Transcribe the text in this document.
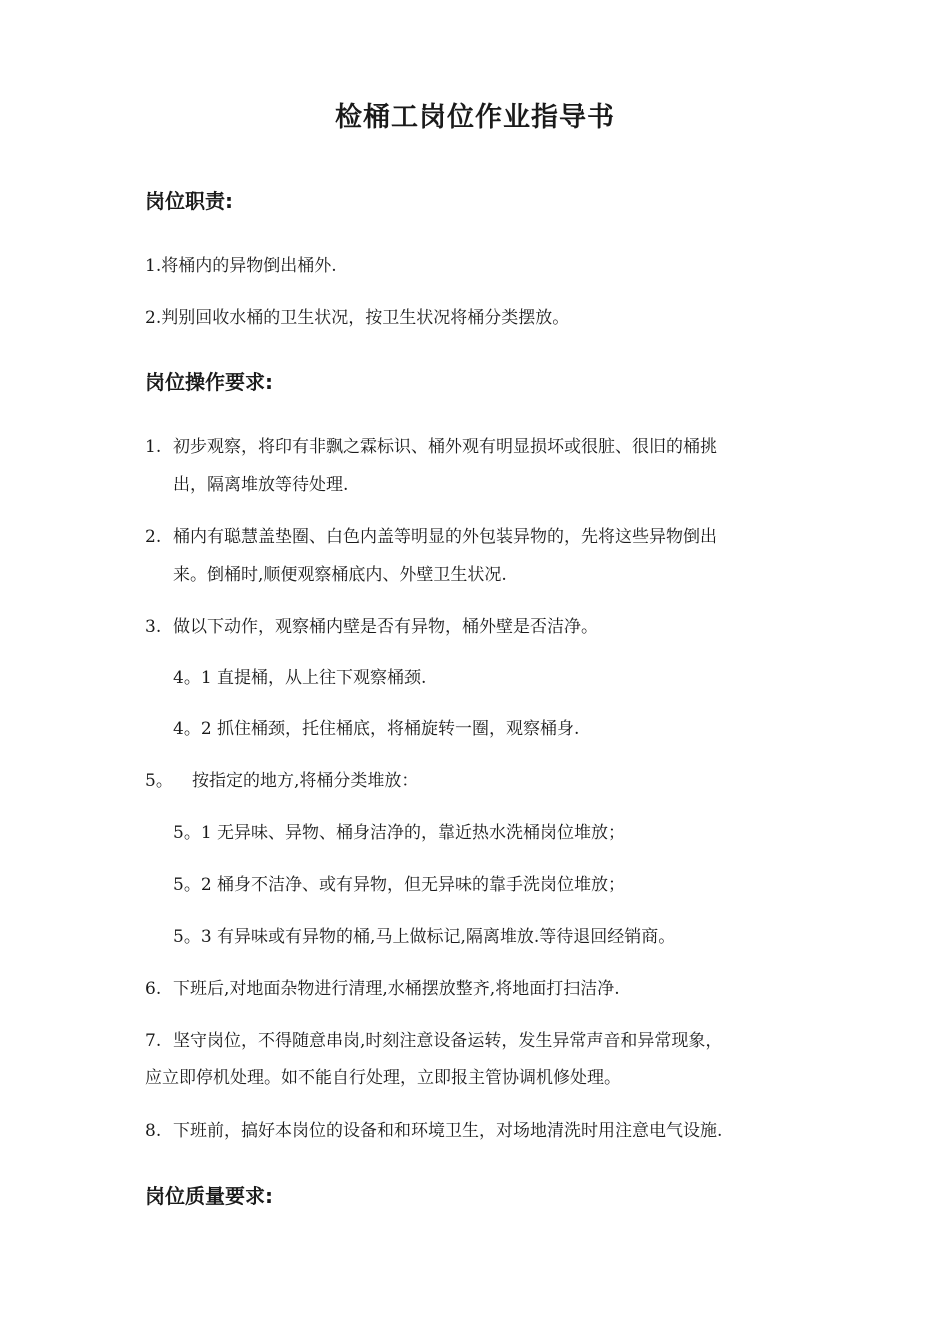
检桶工岗位作业指导书
岗位职责:
1.将桶内的异物倒出桶外.
2.判别回收水桶的卫生状况，按卫生状况将桶分类摆放。
岗位操作要求:
1. 初步观察，将印有非飘之霖标识、桶外观有明显损坏或很脏、很旧的桶挑
出，隔离堆放等待处理.
2. 桶内有聪慧盖垫圈、白色内盖等明显的外包装异物的，先将这些异物倒出
来。倒桶时,顺便观察桶底内、外壁卫生状况.
3. 做以下动作，观察桶内壁是否有异物，桶外壁是否洁净。
4。1 直提桶，从上往下观察桶颈.
4。2 抓住桶颈，托住桶底，将桶旋转一圈，观察桶身.
5。 按指定的地方,将桶分类堆放：
5。1 无异味、异物、桶身洁净的，靠近热水洗桶岗位堆放；
5。2 桶身不洁净、或有异物，但无异味的靠手洗岗位堆放；
5。3 有异味或有异物的桶,马上做标记,隔离堆放.等待退回经销商。
6. 下班后,对地面杂物进行清理,水桶摆放整齐,将地面打扫洁净.
7. 坚守岗位，不得随意串岗,时刻注意设备运转，发生异常声音和异常现象，
应立即停机处理。如不能自行处理，立即报主管协调机修处理。
8. 下班前，搞好本岗位的设备和和环境卫生，对场地清洗时用注意电气设施.
岗位质量要求:
